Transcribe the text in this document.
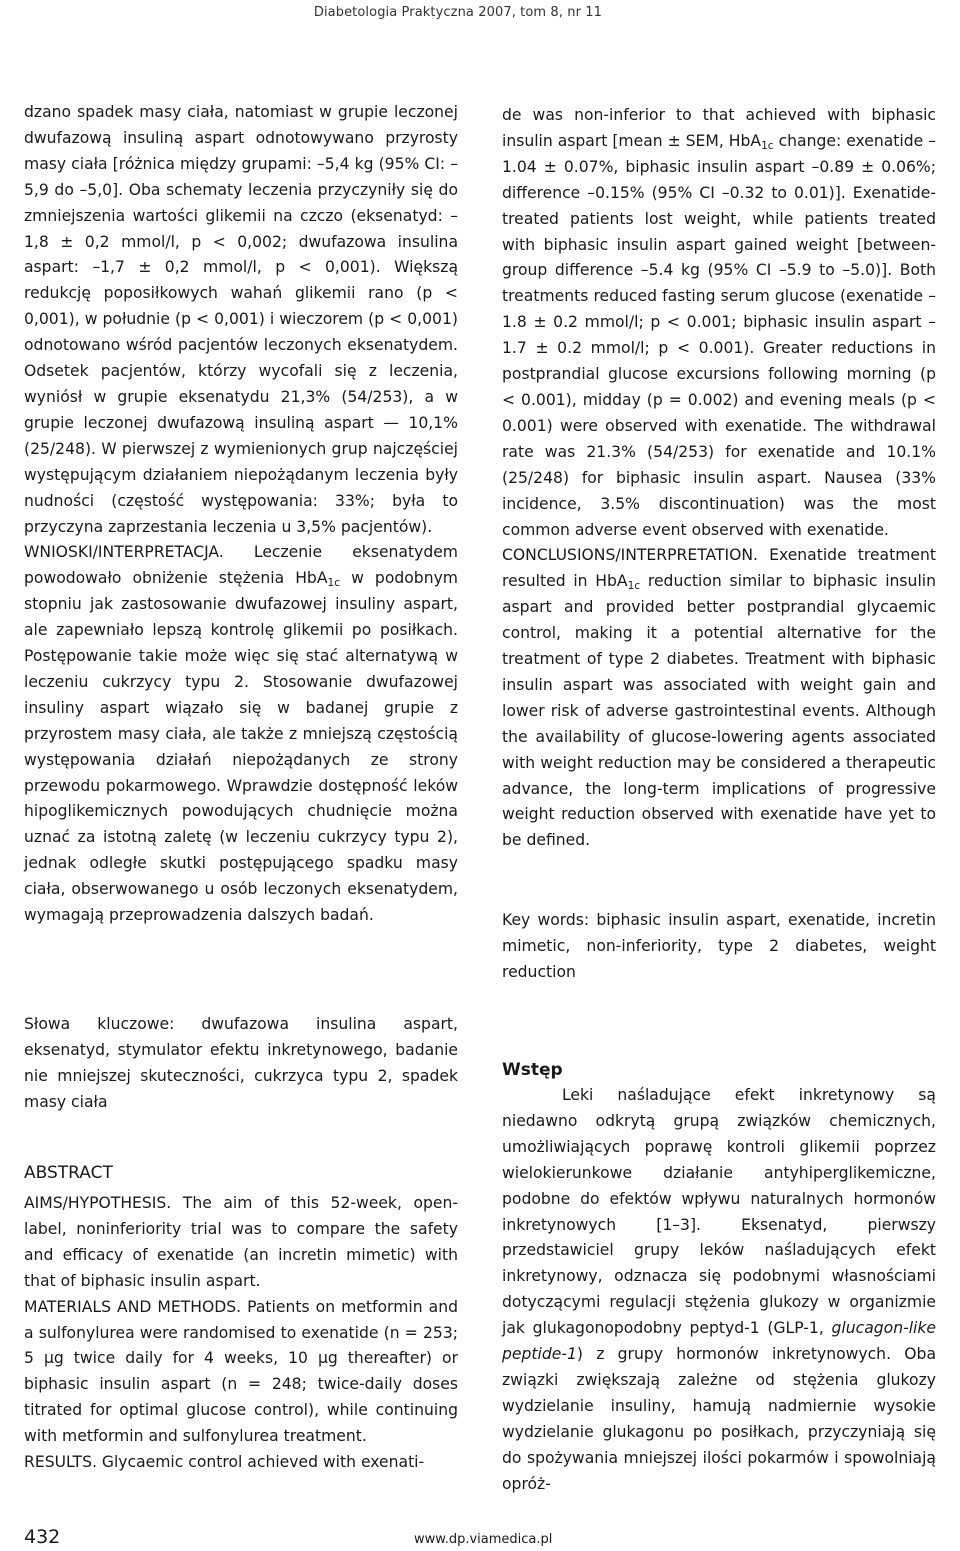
Diabetologia Praktyczna 2007, tom 8, nr 11

dzano spadek masy ciała, natomiast w grupie leczonej dwufazową insuliną aspart odnotowywano przyrosty masy ciała [różnica między grupami: –5,4 kg (95% CI: –5,9 do –5,0]. Oba schematy leczenia przyczyniły się do zmniejszenia wartości glikemii na czczo (eksenatyd: –1,8 ± 0,2 mmol/l, p < 0,002; dwufazowa insulina aspart: –1,7 ± 0,2 mmol/l, p < 0,001). Większą redukcję poposiłkowych wahań glikemii rano (p < 0,001), w południe (p < 0,001) i wieczorem (p < 0,001) odnotowano wśród pacjentów leczonych eksenatydem. Odsetek pacjentów, którzy wycofali się z leczenia, wyniósł w grupie eksenatydu 21,3% (54/253), a w grupie leczonej dwufazową insuliną aspart — 10,1% (25/248). W pierwszej z wymienionych grup najczęściej występującym działaniem niepożądanym leczenia były nudności (częstość występowania: 33%; była to przyczyna zaprzestania leczenia u 3,5% pacjentów).

WNIOSKI/INTERPRETACJA. Leczenie eksenatydem powodowało obniżenie stężenia HbA$_{1c}$ w podobnym stopniu jak zastosowanie dwufazowej insuliny aspart, ale zapewniało lepszą kontrolę glikemii po posiłkach. Postępowanie takie może więc się stać alternatywą w leczeniu cukrzycy typu 2. Stosowanie dwufazowej insuliny aspart wiązało się w badanej grupie z przyrostem masy ciała, ale także z mniejszą częstością występowania działań niepożądanych ze strony przewodu pokarmowego. Wprawdzie dostępność leków hipoglikemicznych powodujących chudnięcie można uznać za istotną zaletę (w leczeniu cukrzycy typu 2), jednak odległe skutki postępującego spadku masy ciała, obserwowanego u osób leczonych eksenatydem, wymagają przeprowadzenia dalszych badań.

Słowa kluczowe: dwufazowa insulina aspart, eksenatyd, stymulator efektu inkretynowego, badanie nie mniejszej skuteczności, cukrzyca typu 2, spadek masy ciała
ABSTRACT

AIMS/HYPOTHESIS. The aim of this 52-week, open-label, noninferiority trial was to compare the safety and efficacy of exenatide (an incretin mimetic) with that of biphasic insulin aspart.

MATERIALS AND METHODS. Patients on metformin and a sulfonylurea were randomised to exenatide (n = 253; 5 μg twice daily for 4 weeks, 10 μg thereafter) or biphasic insulin aspart (n = 248; twice-daily doses titrated for optimal glucose control), while continuing with metformin and sulfonylurea treatment.

RESULTS. Glycaemic control achieved with exenati-

de was non-inferior to that achieved with biphasic insulin aspart [mean ± SEM, HbA$_{1c}$ change: exenatide –1.04 ± 0.07%, biphasic insulin aspart –0.89 ± 0.06%; difference –0.15% (95% CI –0.32 to 0.01)]. Exenatide-treated patients lost weight, while patients treated with biphasic insulin aspart gained weight [between-group difference –5.4 kg (95% CI –5.9 to –5.0)]. Both treatments reduced fasting serum glucose (exenatide –1.8 ± 0.2 mmol/l; p < 0.001; biphasic insulin aspart –1.7 ± 0.2 mmol/l; p < 0.001). Greater reductions in postprandial glucose excursions following morning (p < 0.001), midday (p = 0.002) and evening meals (p < 0.001) were observed with exenatide. The withdrawal rate was 21.3% (54/253) for exenatide and 10.1% (25/248) for biphasic insulin aspart. Nausea (33% incidence, 3.5% discontinuation) was the most common adverse event observed with exenatide.

CONCLUSIONS/INTERPRETATION. Exenatide treatment resulted in HbA$_{1c}$ reduction similar to biphasic insulin aspart and provided better postprandial glycaemic control, making it a potential alternative for the treatment of type 2 diabetes. Treatment with biphasic insulin aspart was associated with weight gain and lower risk of adverse gastrointestinal events. Although the availability of glucose-lowering agents associated with weight reduction may be considered a therapeutic advance, the long-term implications of progressive weight reduction observed with exenatide have yet to be defined.

Key words: biphasic insulin aspart, exenatide, incretin mimetic, non-inferiority, type 2 diabetes, weight reduction
Wstęp

Leki naśladujące efekt inkretynowy są niedawno odkrytą grupą związków chemicznych, umożliwiających poprawę kontroli glikemii poprzez wielokierunkowe działanie antyhiperglikemiczne, podobne do efektów wpływu naturalnych hormonów inkretynowych [1–3]. Eksenatyd, pierwszy przedstawiciel grupy leków naśladujących efekt inkretynowy, odznacza się podobnymi własnościami dotyczącymi regulacji stężenia glukozy w organizmie jak glukagonopodobny peptyd-1 (GLP-1, glucagon-like peptide-1) z grupy hormonów inkretynowych. Oba związki zwiększają zależne od stężenia glukozy wydzielanie insuliny, hamują nadmiernie wysokie wydzielanie glukagonu po posiłkach, przyczyniają się do spożywania mniejszej ilości pokarmów i spowolniają opróż-

432	www.dp.viamedica.pl
